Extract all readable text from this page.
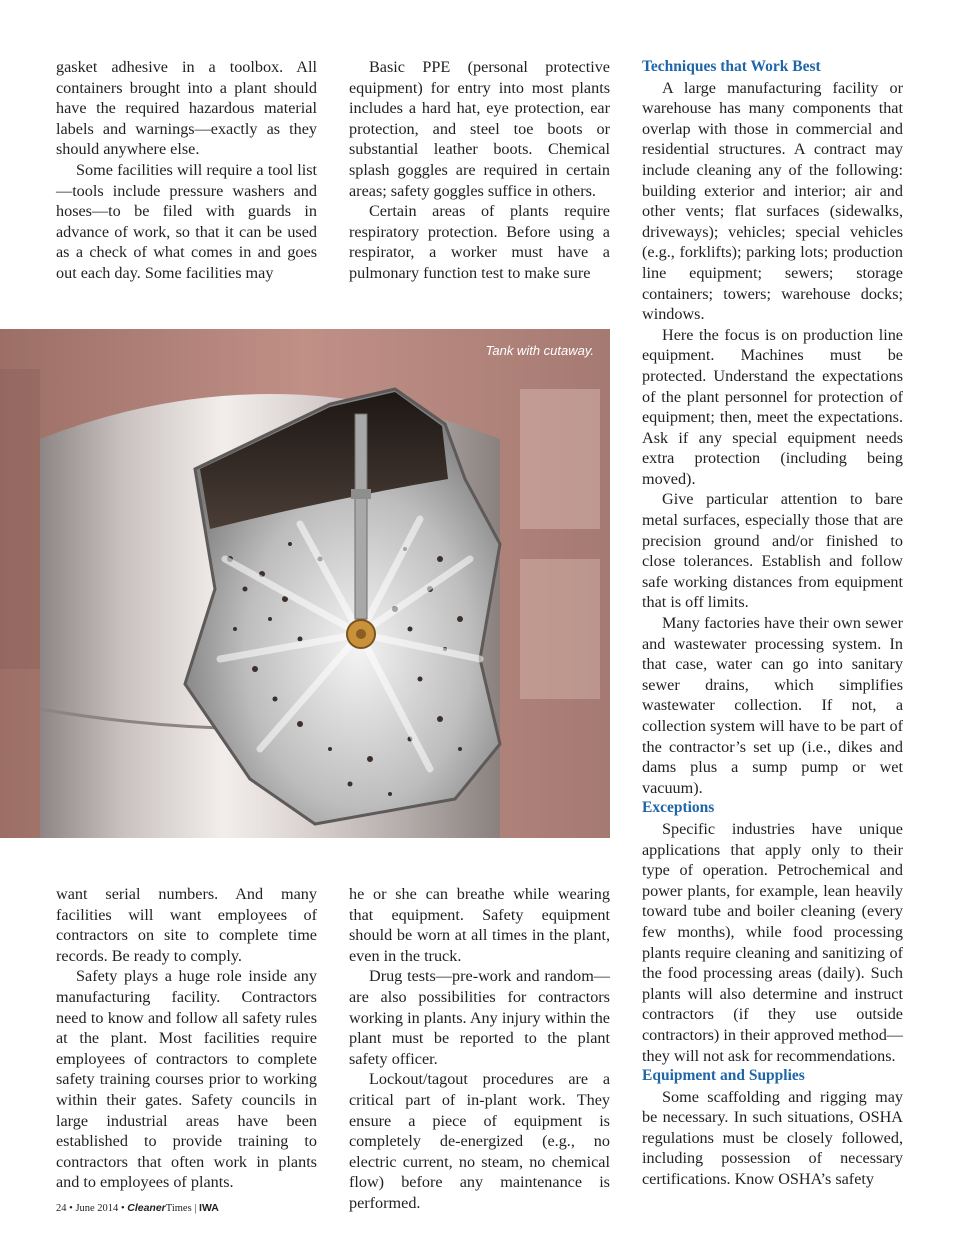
gasket adhesive in a toolbox. All containers brought into a plant should have the required hazardous material labels and warnings—exactly as they should anywhere else.

Some facilities will require a tool list—tools include pressure washers and hoses—to be filed with guards in advance of work, so that it can be used as a check of what comes in and goes out each day. Some facilities may

Basic PPE (personal protective equipment) for entry into most plants includes a hard hat, eye protection, ear protection, and steel toe boots or substantial leather boots. Chemical splash goggles are required in certain areas; safety goggles suffice in others.

Certain areas of plants require respiratory protection. Before using a respirator, a worker must have a pulmonary function test to make sure

Tank with cutaway.

want serial numbers. And many facilities will want employees of contractors on site to complete time records. Be ready to comply.

Safety plays a huge role inside any manufacturing facility. Contractors need to know and follow all safety rules at the plant. Most facilities require employees of contractors to complete safety training courses prior to working within their gates. Safety councils in large industrial areas have been established to provide training to contractors that often work in plants and to employees of plants.

he or she can breathe while wearing that equipment. Safety equipment should be worn at all times in the plant, even in the truck.

Drug tests—pre-work and random—are also possibilities for contractors working in plants. Any injury within the plant must be reported to the plant safety officer.

Lockout/tagout procedures are a critical part of in-plant work. They ensure a piece of equipment is completely de-energized (e.g., no electric current, no steam, no chemical flow) before any maintenance is performed.

Techniques that Work Best

A large manufacturing facility or warehouse has many components that overlap with those in commercial and residential structures. A contract may include cleaning any of the following: building exterior and interior; air and other vents; flat surfaces (sidewalks, driveways); vehicles; special vehicles (e.g., forklifts); parking lots; production line equipment; sewers; storage containers; towers; warehouse docks; windows.

Here the focus is on production line equipment. Machines must be protected. Understand the expectations of the plant personnel for protection of equipment; then, meet the expectations. Ask if any special equipment needs extra protection (including being moved).

Give particular attention to bare metal surfaces, especially those that are precision ground and/or finished to close tolerances. Establish and follow safe working distances from equipment that is off limits.

Many factories have their own sewer and wastewater processing system. In that case, water can go into sanitary sewer drains, which simplifies wastewater collection. If not, a collection system will have to be part of the contractor’s set up (i.e., dikes and dams plus a sump pump or wet vacuum).

Exceptions

Specific industries have unique applications that apply only to their type of operation. Petrochemical and power plants, for example, lean heavily toward tube and boiler cleaning (every few months), while food processing plants require cleaning and sanitizing of the food processing areas (daily). Such plants will also determine and instruct contractors (if they use outside contractors) in their approved method—they will not ask for recommendations.

Equipment and Supplies

Some scaffolding and rigging may be necessary. In such situations, OSHA regulations must be closely followed, including possession of necessary certifications. Know OSHA’s safety

24 • June 2014 • CleanerTimes | IWA
